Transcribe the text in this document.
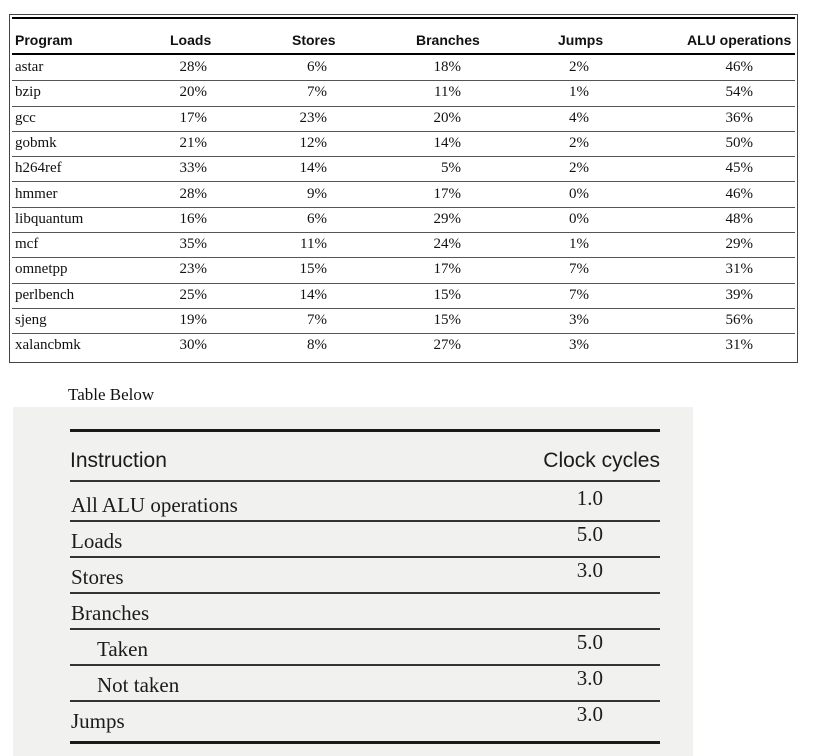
Program	Loads	Stores	Branches	Jumps	ALU operations
astar	28%	6%	18%	2%	46%
bzip	20%	7%	11%	1%	54%
gcc	17%	23%	20%	4%	36%
gobmk	21%	12%	14%	2%	50%
h264ref	33%	14%	5%	2%	45%
hmmer	28%	9%	17%	0%	46%
libquantum	16%	6%	29%	0%	48%
mcf	35%	11%	24%	1%	29%
omnetpp	23%	15%	17%	7%	31%
perlbench	25%	14%	15%	7%	39%
sjeng	19%	7%	15%	3%	56%
xalancbmk	30%	8%	27%	3%	31%
Table Below
Instruction	Clock cycles
All ALU operations	1.0
Loads	5.0
Stores	3.0
Branches
Taken	5.0
Not taken	3.0
Jumps	3.0
